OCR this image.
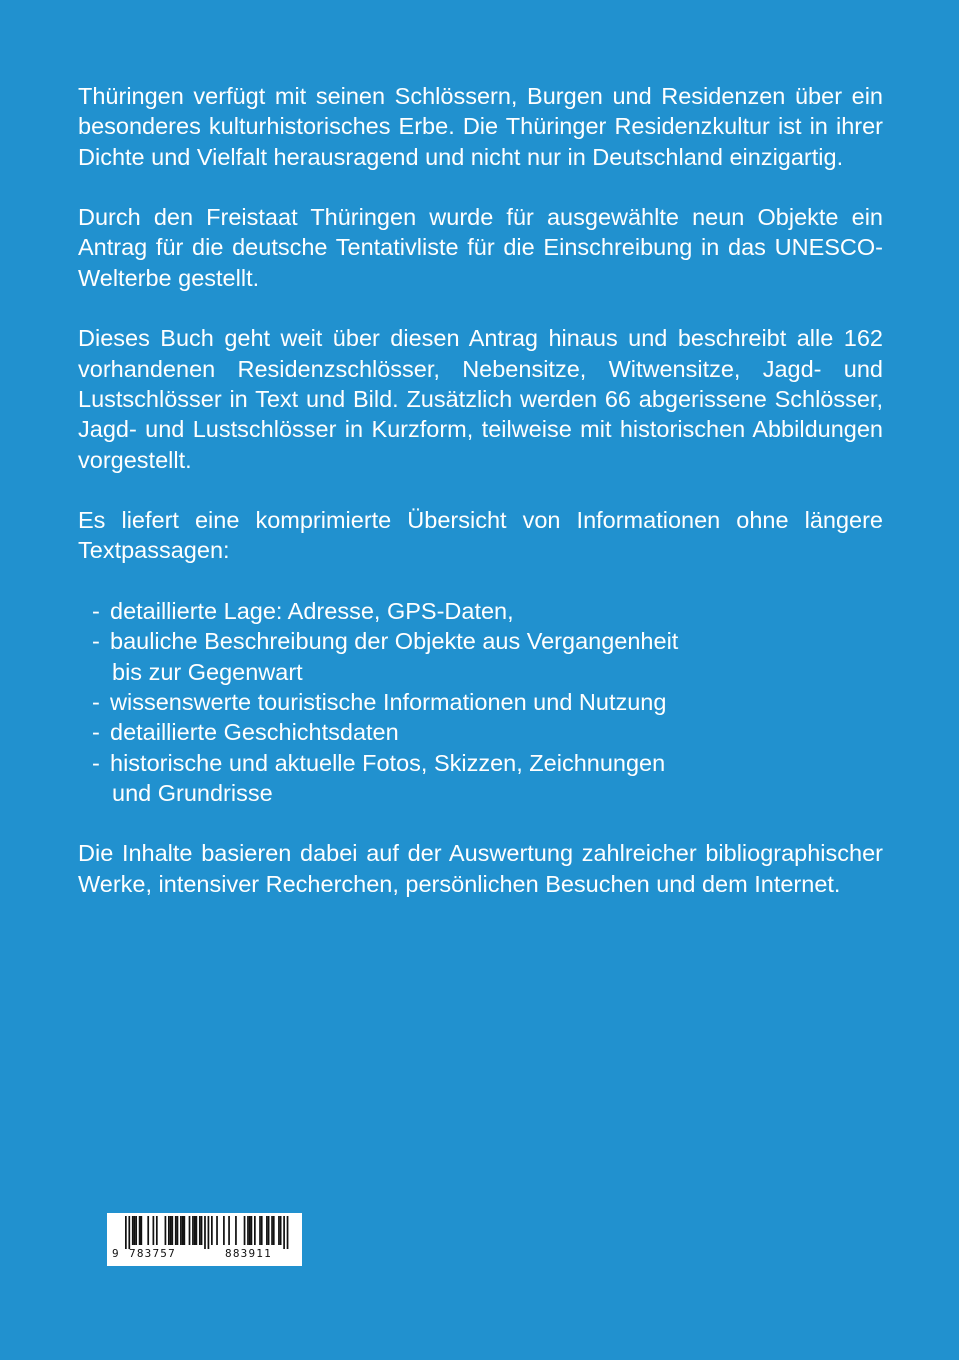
Thüringen verfügt mit seinen Schlössern, Burgen und Residenzen über ein besonderes kulturhistorisches Erbe. Die Thüringer Residenzkultur ist in ihrer Dichte und Vielfalt herausragend und nicht nur in Deutschland einzigartig.

Durch den Freistaat Thüringen wurde für ausgewählte neun Objekte ein Antrag für die deutsche Tentativliste für die Einschreibung in das UNESCO-Welterbe gestellt.

Dieses Buch geht weit über diesen Antrag hinaus und beschreibt alle 162 vorhandenen Residenzschlösser, Nebensitze, Witwensitze, Jagd- und Lustschlösser in Text und Bild. Zusätzlich werden 66 abgerissene Schlösser, Jagd- und Lustschlösser in Kurzform, teilweise mit historischen Abbildungen vorgestellt.

Es liefert eine komprimierte Übersicht von Informationen ohne längere Textpassagen:

- detaillierte Lage: Adresse, GPS-Daten,
- bauliche Beschreibung der Objekte aus Vergangenheit
bis zur Gegenwart
- wissenswerte touristische Informationen und Nutzung
- detaillierte Geschichtsdaten
- historische und aktuelle Fotos, Skizzen, Zeichnungen
und Grundrisse

Die Inhalte basieren dabei auf der Auswertung zahlreicher bibliographischer Werke, intensiver Recherchen, persönlichen Besuchen und dem Internet.

9 783757	883911
